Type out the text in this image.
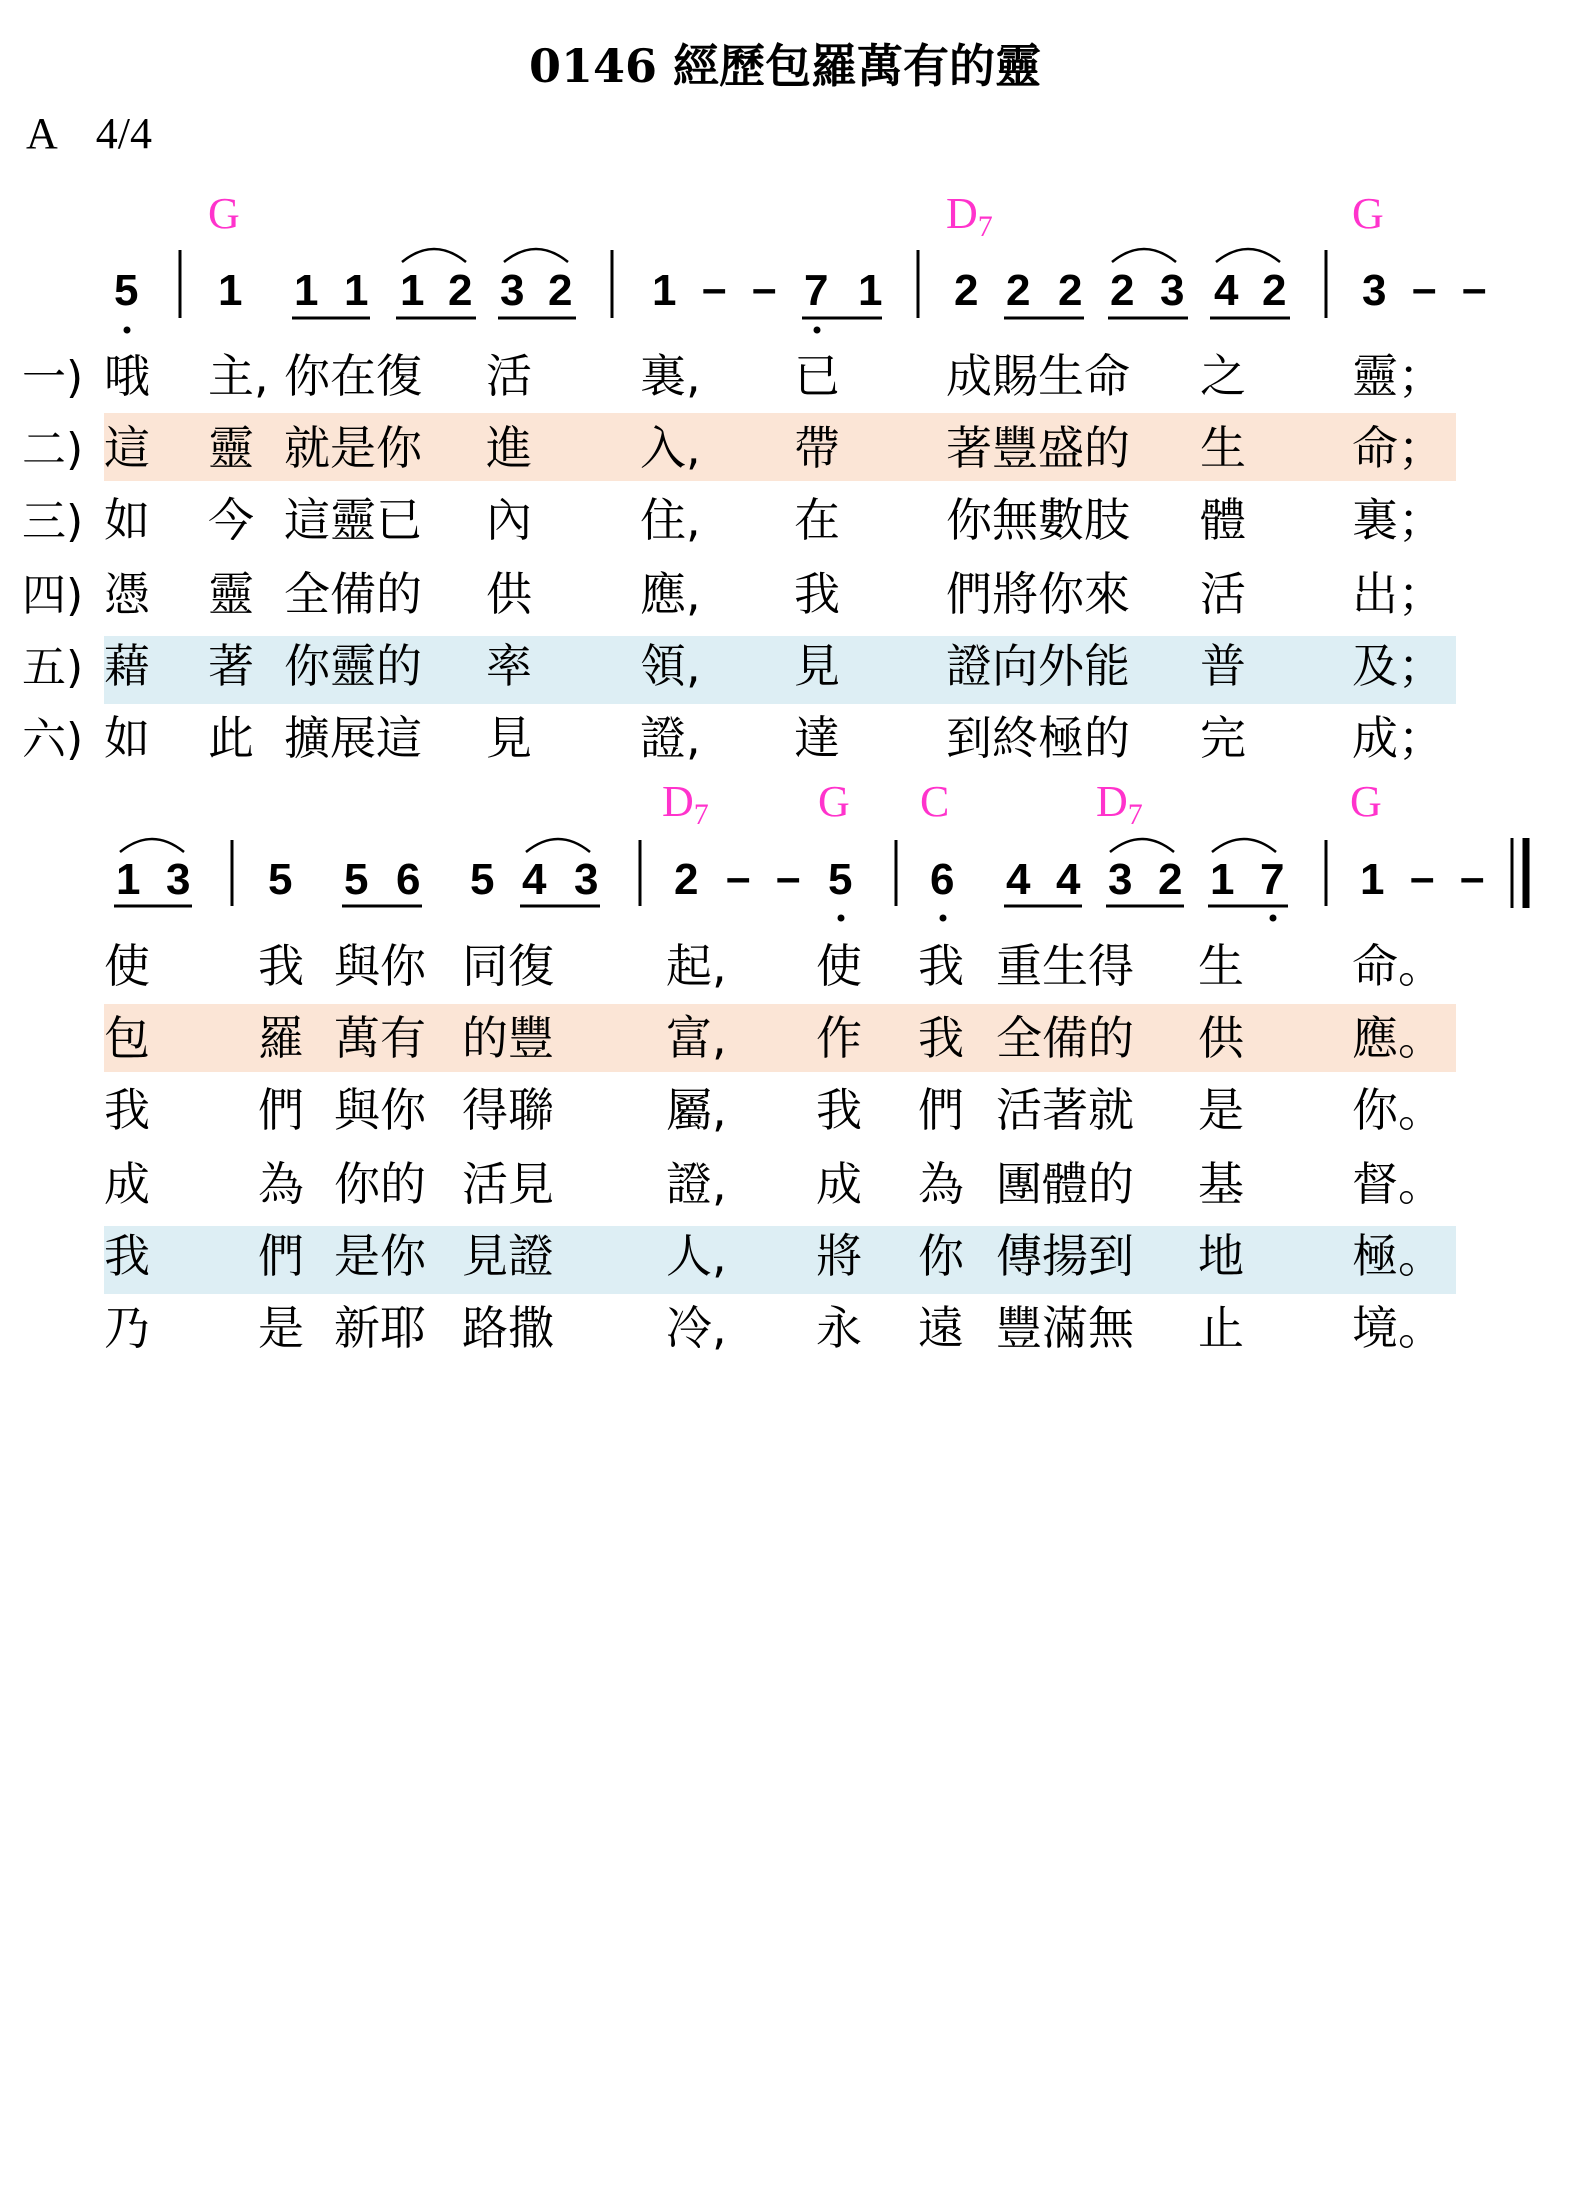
0146 經歷包羅萬有的靈
A 4/4
G	D7	G
5 1 1 1 1 2 3 2 1 – – 7 1 2 2 2 2 3 4 2 3 – –
一)
二)
三)
四)
五)
六)
哦 主, 你在復 活 裏, 已 成賜生命 之 靈；
這 靈 就是你 進 入, 帶 著豐盛的 生 命；
如 今 這靈已 內 住, 在 你無數肢 體 裏；
憑 靈 全備的 供 應, 我 們將你來 活 出；
藉 著 你靈的 率 領, 見 證向外能 普 及；
如 此 擴展這 見 證, 達 到終極的 完 成；
D7 G C	D7	G
1 3 5 5 6 5 4 3 2 – – 5 6 4 4 3 2 1 7 1 – –
使 我 與你 同復 起, 使 我 重生得 生 命。
包 羅 萬有 的豐 富, 作 我 全備的 供 應。
我 們 與你 得聯 屬, 我 們 活著就 是 你。
成 為 你的 活見 證, 成 為 團體的 基 督。
我 們 是你 見證 人, 將 你 傳揚到 地 極。
乃 是 新耶 路撒 冷, 永 遠 豐滿無 止 境。
